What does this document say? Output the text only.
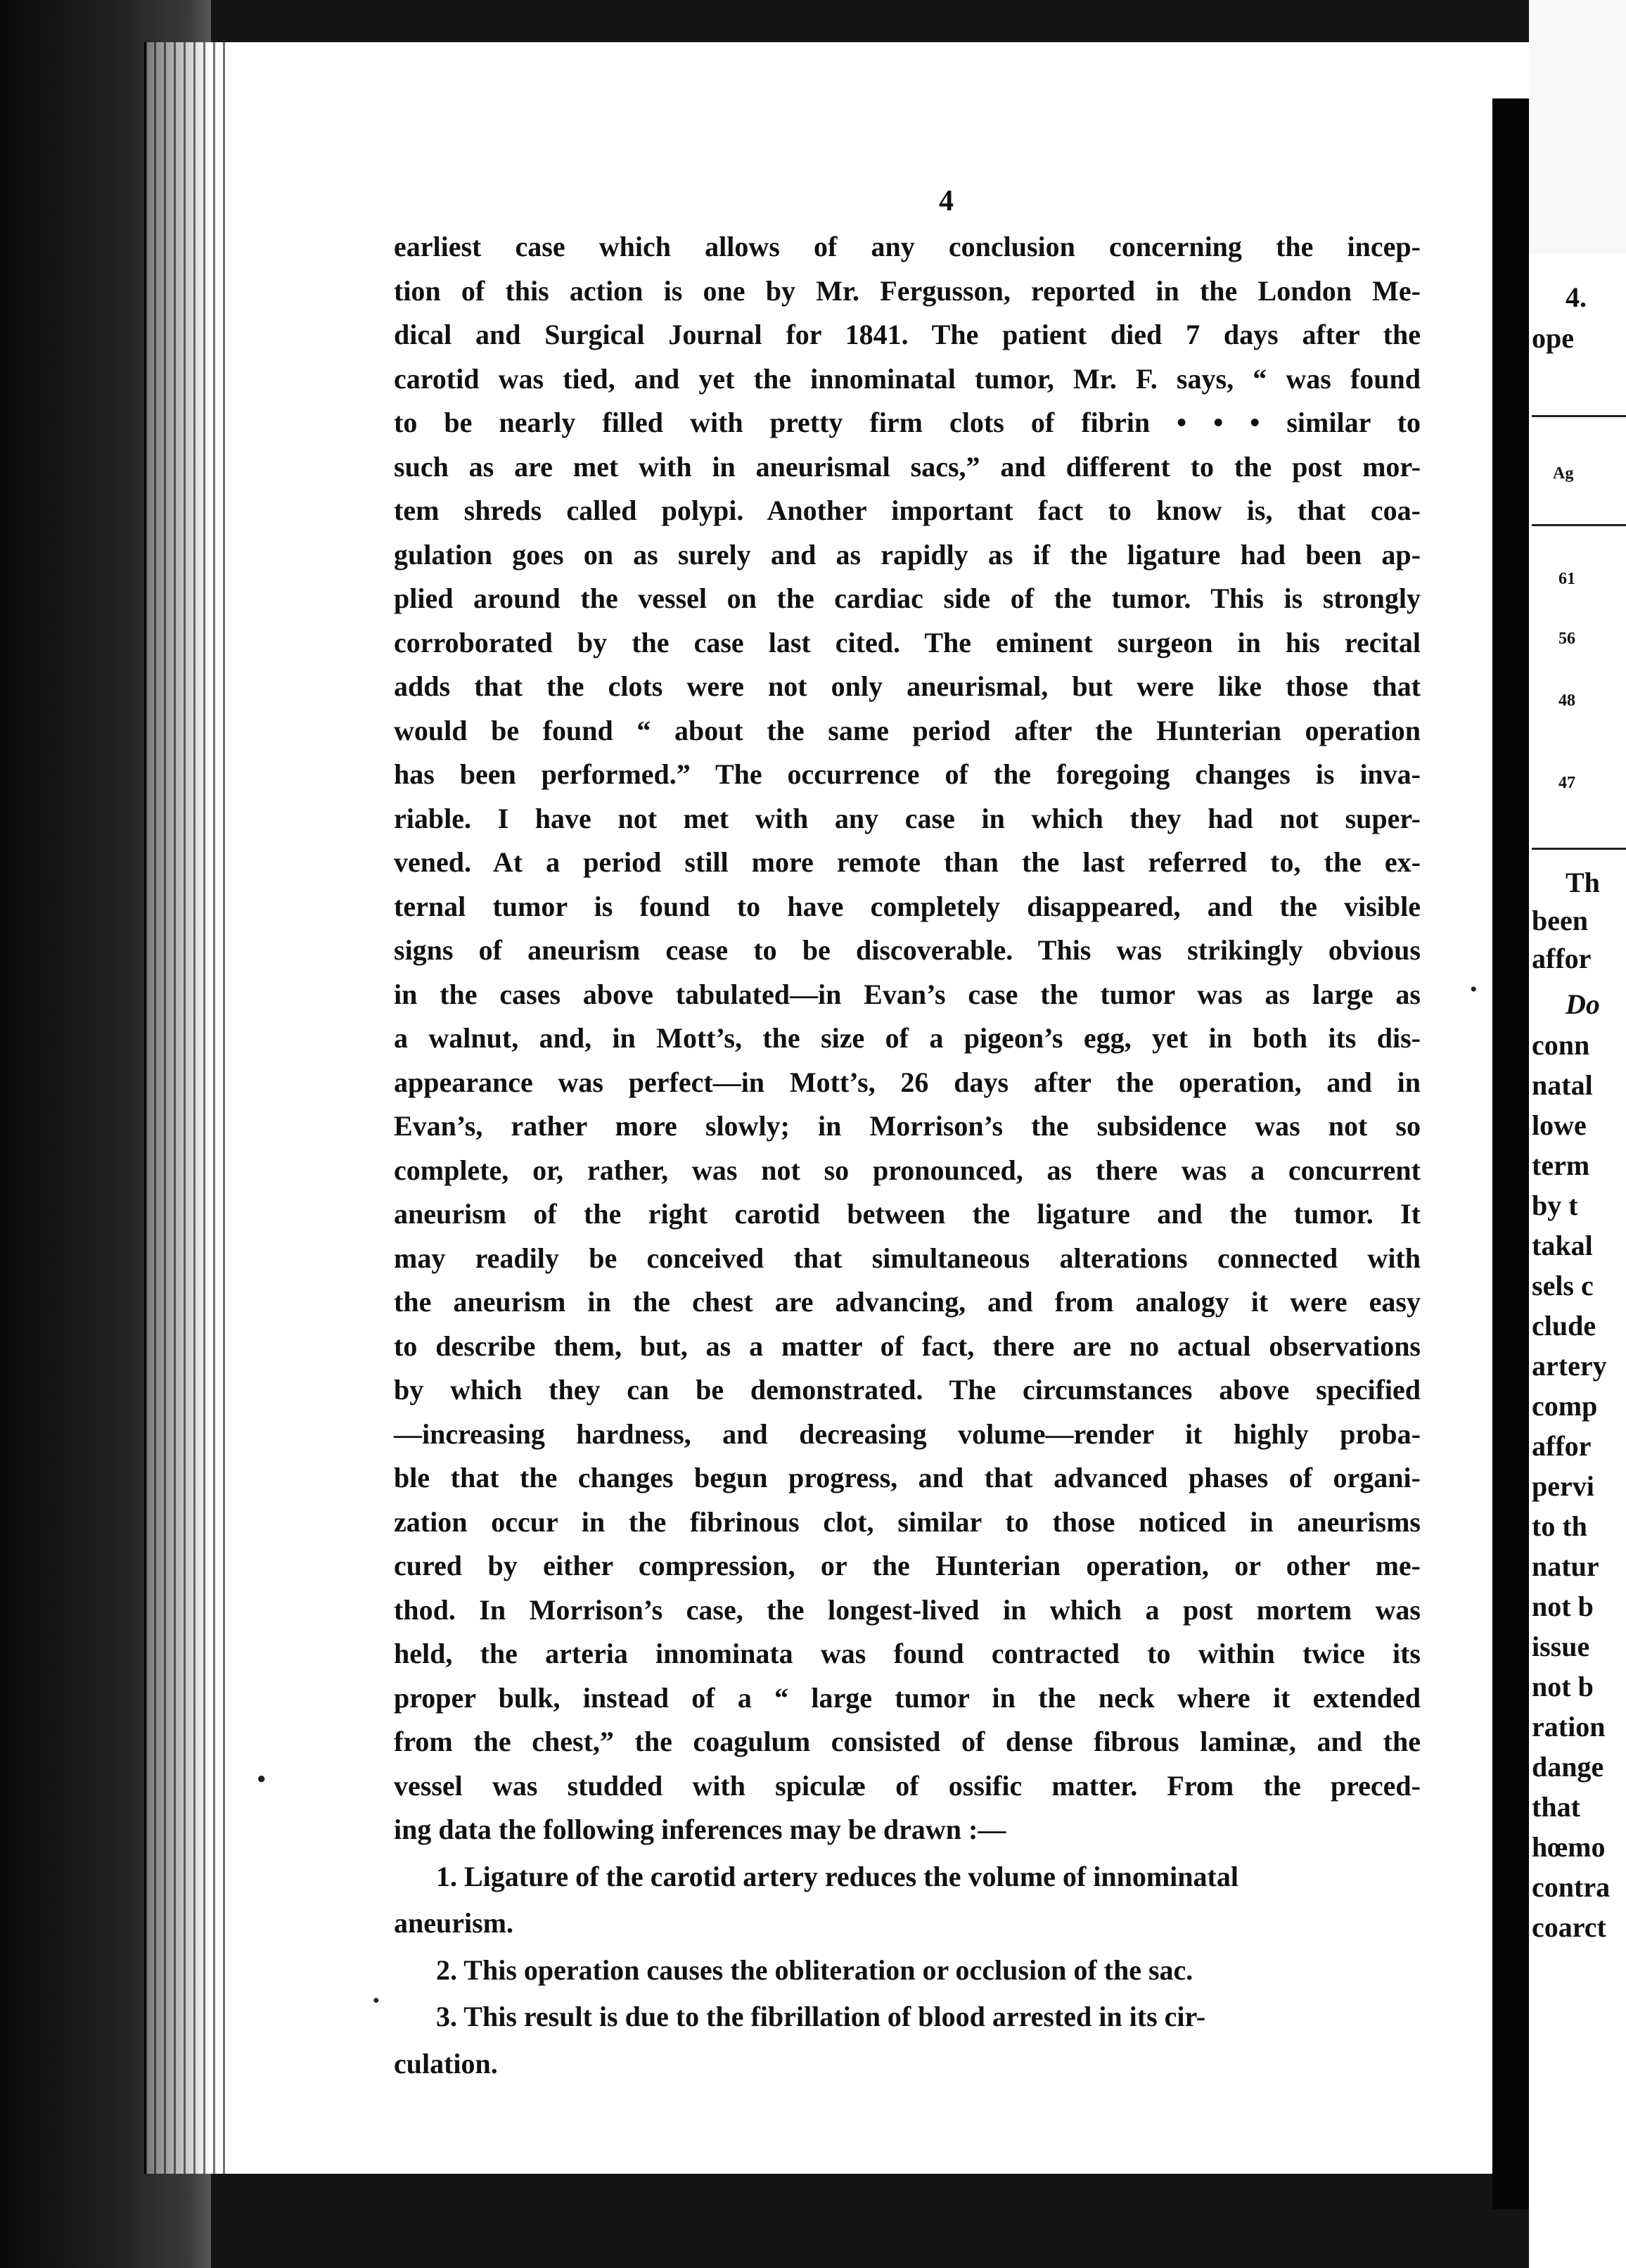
4
earliest case which allows of any conclusion concerning the incep-
tion of this action is one by Mr. Fergusson, reported in the London Me-
dical and Surgical Journal for 1841. The patient died 7 days after the
carotid was tied, and yet the innominatal tumor, Mr. F. says, “ was found
to be nearly filled with pretty firm clots of fibrin • • • similar to
such as are met with in aneurismal sacs,” and different to the post mor-
tem shreds called polypi. Another important fact to know is, that coa-
gulation goes on as surely and as rapidly as if the ligature had been ap-
plied around the vessel on the cardiac side of the tumor. This is strongly
corroborated by the case last cited. The eminent surgeon in his recital
adds that the clots were not only aneurismal, but were like those that
would be found “ about the same period after the Hunterian operation
has been performed.” The occurrence of the foregoing changes is inva-
riable. I have not met with any case in which they had not super-
vened. At a period still more remote than the last referred to, the ex-
ternal tumor is found to have completely disappeared, and the visible
signs of aneurism cease to be discoverable. This was strikingly obvious
in the cases above tabulated—in Evan’s case the tumor was as large as
a walnut, and, in Mott’s, the size of a pigeon’s egg, yet in both its dis-
appearance was perfect—in Mott’s, 26 days after the operation, and in
Evan’s, rather more slowly; in Morrison’s the subsidence was not so
complete, or, rather, was not so pronounced, as there was a concurrent
aneurism of the right carotid between the ligature and the tumor. It
may readily be conceived that simultaneous alterations connected with
the aneurism in the chest are advancing, and from analogy it were easy
to describe them, but, as a matter of fact, there are no actual observations
by which they can be demonstrated. The circumstances above specified
—increasing hardness, and decreasing volume—render it highly proba-
ble that the changes begun progress, and that advanced phases of organi-
zation occur in the fibrinous clot, similar to those noticed in aneurisms
cured by either compression, or the Hunterian operation, or other me-
thod. In Morrison’s case, the longest-lived in which a post mortem was
held, the arteria innominata was found contracted to within twice its
proper bulk, instead of a “ large tumor in the neck where it extended
from the chest,” the coagulum consisted of dense fibrous laminæ, and the
vessel was studded with spiculæ of ossific matter. From the preced-
ing data the following inferences may be drawn :—
1. Ligature of the carotid artery reduces the volume of innominatal
aneurism.
2. This operation causes the obliteration or occlusion of the sac.
3. This result is due to the fibrillation of blood arrested in its cir-
culation.
4.
ope
Ag
61
56
48
47
Th
been
affor
Do
conn
natal
lowe
term
by t
takal
sels c
clude
artery
comp
affor
pervi
to th
natur
not b
issue
not b
ration
dange
that
hœmo
contra
coarct
•
●
●
